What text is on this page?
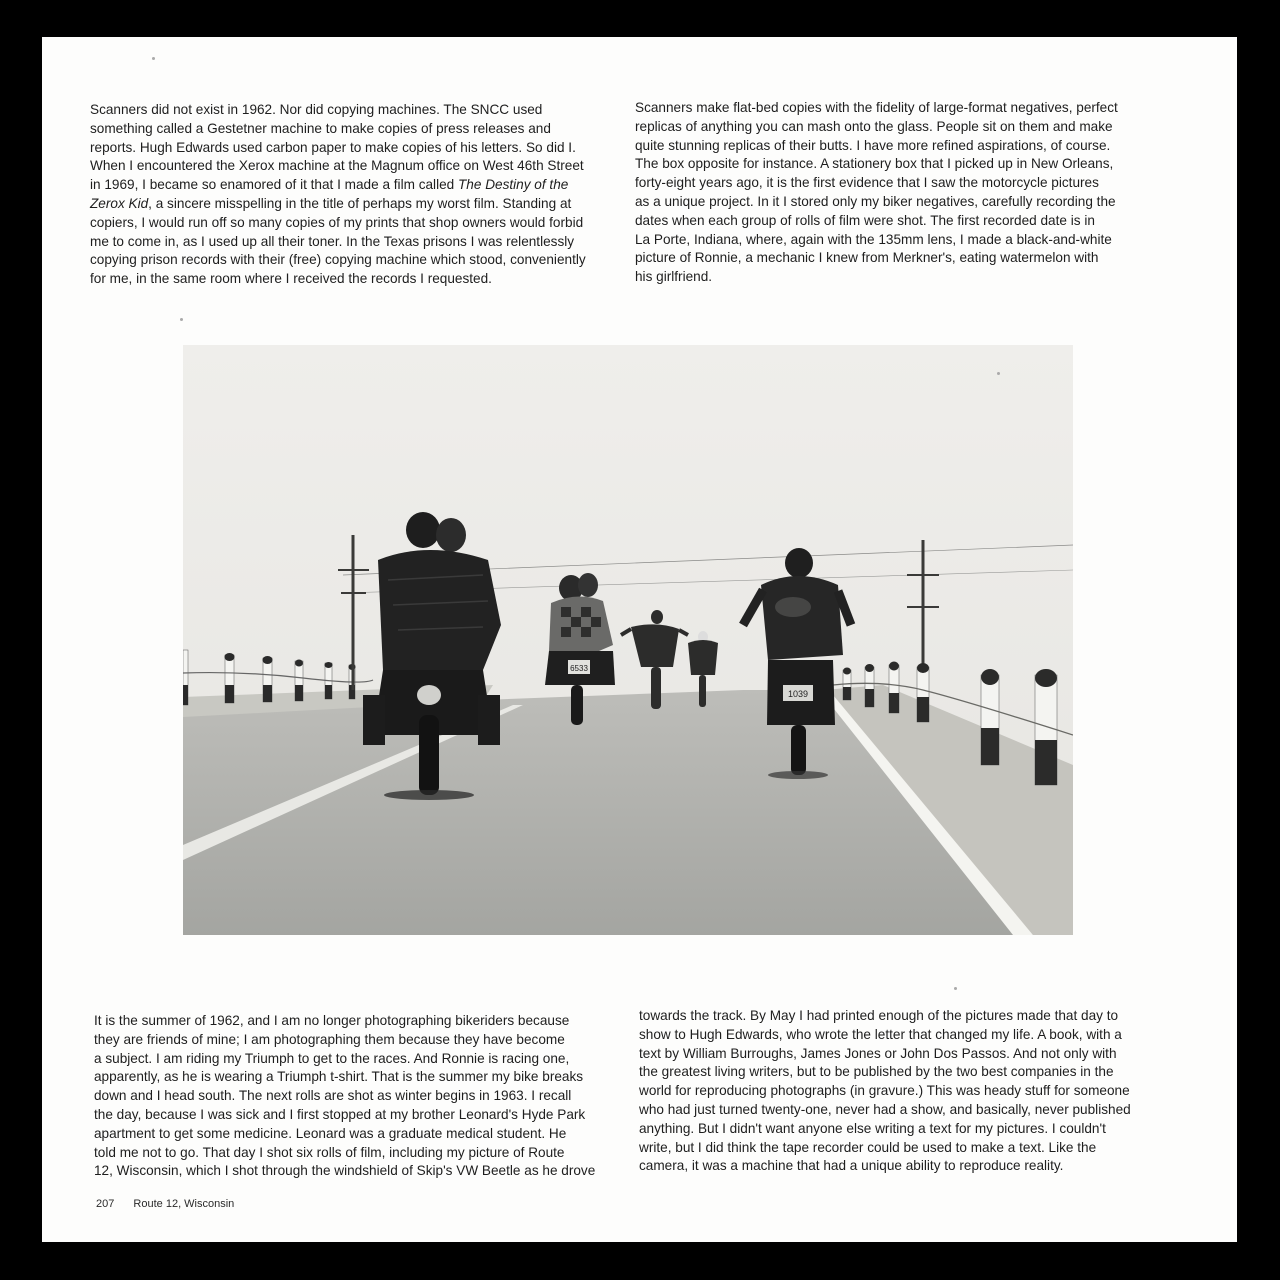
Scanners did not exist in 1962. Nor did copying machines. The SNCC used
something called a Gestetner machine to make copies of press releases and
reports. Hugh Edwards used carbon paper to make copies of his letters. So did I.
When I encountered the Xerox machine at the Magnum office on West 46th Street
in 1969, I became so enamored of it that I made a film called The Destiny of the
Zerox Kid, a sincere misspelling in the title of perhaps my worst film. Standing at
copiers, I would run off so many copies of my prints that shop owners would forbid
me to come in, as I used up all their toner. In the Texas prisons I was relentlessly
copying prison records with their (free) copying machine which stood, conveniently
for me, in the same room where I received the records I requested.
Scanners make flat-bed copies with the fidelity of large-format negatives, perfect
replicas of anything you can mash onto the glass. People sit on them and make
quite stunning replicas of their butts. I have more refined aspirations, of course.
The box opposite for instance. A stationery box that I picked up in New Orleans,
forty-eight years ago, it is the first evidence that I saw the motorcycle pictures
as a unique project. In it I stored only my biker negatives, carefully recording the
dates when each group of rolls of film were shot. The first recorded date is in
La Porte, Indiana, where, again with the 135mm lens, I made a black-and-white
picture of Ronnie, a mechanic I knew from Merkner's, eating watermelon with
his girlfriend.
6533
1039
It is the summer of 1962, and I am no longer photographing bikeriders because
they are friends of mine; I am photographing them because they have become
a subject. I am riding my Triumph to get to the races. And Ronnie is racing one,
apparently, as he is wearing a Triumph t-shirt. That is the summer my bike breaks
down and I head south. The next rolls are shot as winter begins in 1963. I recall
the day, because I was sick and I first stopped at my brother Leonard's Hyde Park
apartment to get some medicine. Leonard was a graduate medical student. He
told me not to go. That day I shot six rolls of film, including my picture of Route
12, Wisconsin, which I shot through the windshield of Skip's VW Beetle as he drove
towards the track. By May I had printed enough of the pictures made that day to
show to Hugh Edwards, who wrote the letter that changed my life. A book, with a
text by William Burroughs, James Jones or John Dos Passos. And not only with
the greatest living writers, but to be published by the two best companies in the
world for reproducing photographs (in gravure.) This was heady stuff for someone
who had just turned twenty-one, never had a show, and basically, never published
anything. But I didn't want anyone else writing a text for my pictures. I couldn't
write, but I did think the tape recorder could be used to make a text. Like the
camera, it was a machine that had a unique ability to reproduce reality.
207 Route 12, Wisconsin
